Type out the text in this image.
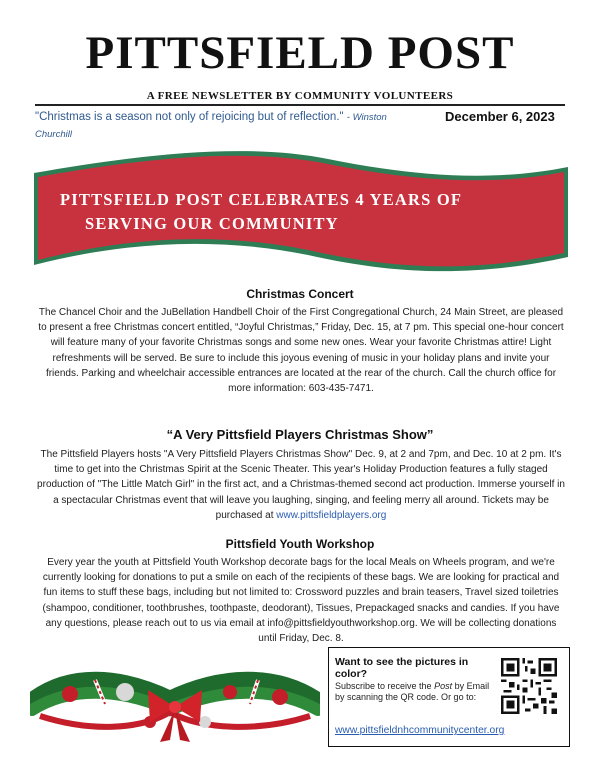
PITTSFIELD POST
A FREE NEWSLETTER BY COMMUNITY VOLUNTEERS
"Christmas is a season not only of rejoicing but of reflection." - Winston Churchill
December 6, 2023
PITTSFIELD POST CELEBRATES 4 YEARS OF
SERVING OUR COMMUNITY
Christmas Concert
The Chancel Choir and the JuBellation Handbell Choir of the First Congregational Church, 24 Main Street, are pleased to present a free Christmas concert entitled, “Joyful Christmas,” Friday, Dec. 15, at 7 pm. This special one-hour concert will feature many of your favorite Christmas songs and some new ones. Wear your favorite Christmas attire! Light refreshments will be served. Be sure to include this joyous evening of music in your holiday plans and invite your friends. Parking and wheelchair accessible entrances are located at the rear of the church. Call the church office for more information: 603-435-7471.
“A Very Pittsfield Players Christmas Show”
The Pittsfield Players hosts "A Very Pittsfield Players Christmas Show" Dec. 9, at 2 and 7pm, and Dec. 10 at 2 pm. It's time to get into the Christmas Spirit at the Scenic Theater. This year's Holiday Production features a fully staged production of "The Little Match Girl" in the first act, and a Christmas-themed second act production. Immerse yourself in a spectacular Christmas event that will leave you laughing, singing, and feeling merry all around. Tickets may be purchased at www.pittsfieldplayers.org
Pittsfield Youth Workshop
Every year the youth at Pittsfield Youth Workshop decorate bags for the local Meals on Wheels program, and we're currently looking for donations to put a smile on each of the recipients of these bags. We are looking for practical and fun items to stuff these bags, including but not limited to: Crossword puzzles and brain teasers, Travel sized toiletries (shampoo, conditioner, toothbrushes, toothpaste, deodorant), Tissues, Prepackaged snacks and candies. If you have any questions, please reach out to us via email at info@pittsfieldyouthworkshop.org. We will be collecting donations until Friday, Dec. 8.
Want to see the pictures in color?
Subscribe to receive the Post by Email by scanning the QR code. Or go to:
www.pittsfieldnhcommunitycenter.org
